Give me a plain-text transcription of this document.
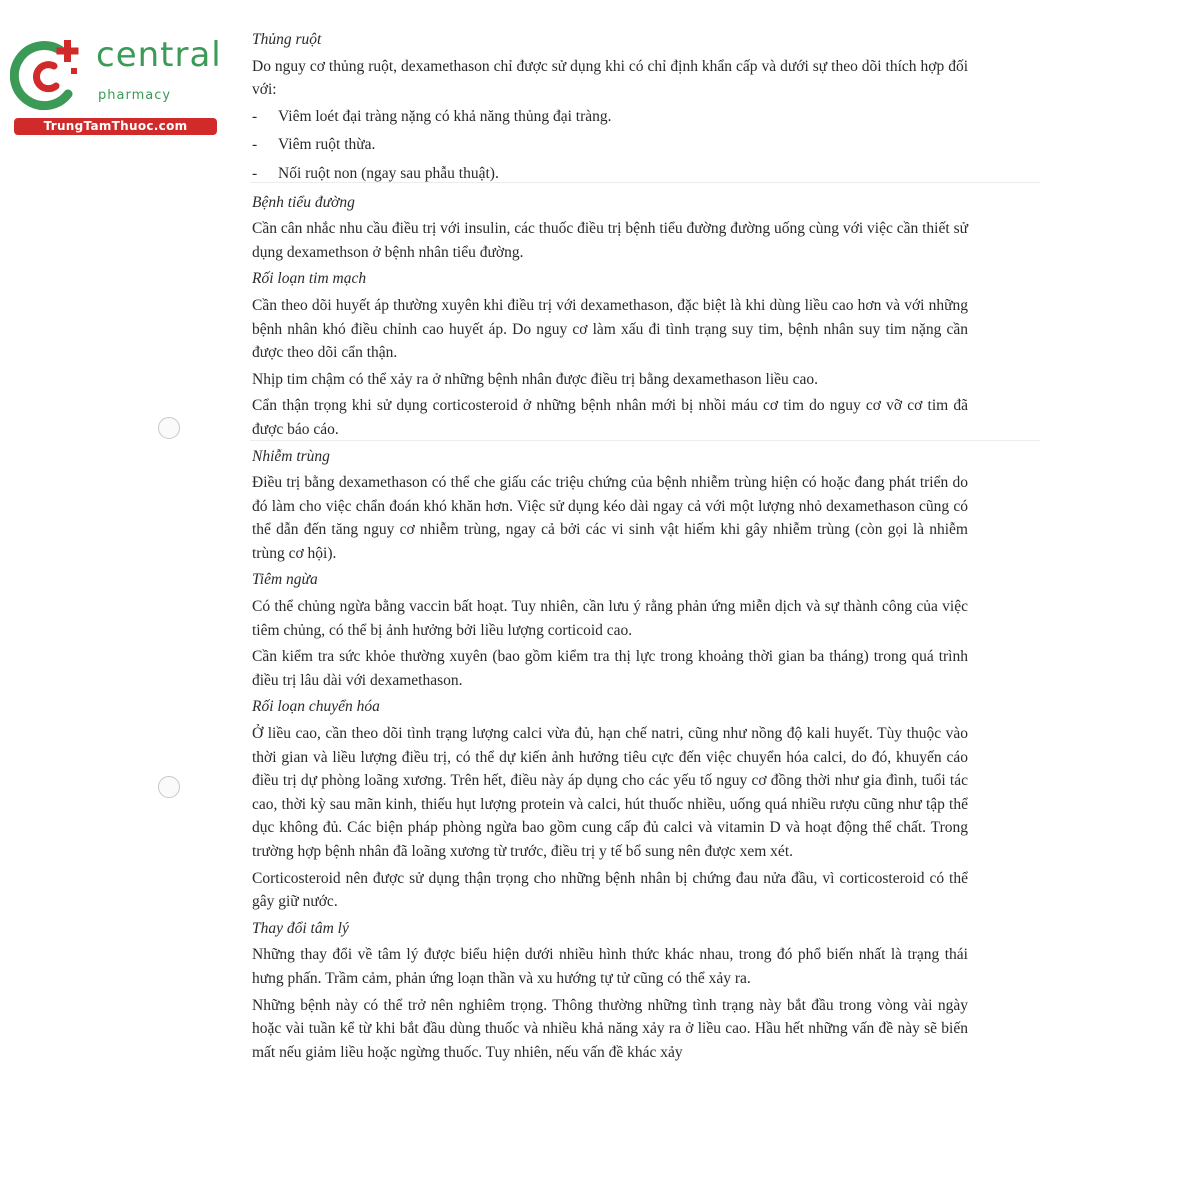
central
pharmacy
TrungTamThuoc.com
Thủng ruột

Do nguy cơ thủng ruột, dexamethason chỉ được sử dụng khi có chỉ định khẩn cấp và dưới sự theo dõi thích hợp đối với:

- Viêm loét đại tràng nặng có khả năng thủng đại tràng.
- Viêm ruột thừa.
- Nối ruột non (ngay sau phẫu thuật).
Bệnh tiểu đường

Cần cân nhắc nhu cầu điều trị với insulin, các thuốc điều trị bệnh tiểu đường đường uống cùng với việc cần thiết sử dụng dexamethson ở bệnh nhân tiểu đường.

Rối loạn tim mạch

Cần theo dõi huyết áp thường xuyên khi điều trị với dexamethason, đặc biệt là khi dùng liều cao hơn và với những bệnh nhân khó điều chỉnh cao huyết áp. Do nguy cơ làm xấu đi tình trạng suy tim, bệnh nhân suy tim nặng cần được theo dõi cẩn thận.

Nhịp tim chậm có thể xảy ra ở những bệnh nhân được điều trị bằng dexamethason liều cao.

Cẩn thận trọng khi sử dụng corticosteroid ở những bệnh nhân mới bị nhồi máu cơ tim do nguy cơ vỡ cơ tim đã được báo cáo.

Nhiễm trùng

Điều trị bằng dexamethason có thể che giấu các triệu chứng của bệnh nhiễm trùng hiện có hoặc đang phát triển do đó làm cho việc chẩn đoán khó khăn hơn. Việc sử dụng kéo dài ngay cả với một lượng nhỏ dexamethason cũng có thể dẫn đến tăng nguy cơ nhiễm trùng, ngay cả bởi các vi sinh vật hiếm khi gây nhiễm trùng (còn gọi là nhiễm trùng cơ hội).

Tiêm ngừa

Có thể chủng ngừa bằng vaccin bất hoạt. Tuy nhiên, cần lưu ý rằng phản ứng miễn dịch và sự thành công của việc tiêm chủng, có thể bị ảnh hưởng bởi liều lượng corticoid cao.

Cần kiểm tra sức khỏe thường xuyên (bao gồm kiểm tra thị lực trong khoảng thời gian ba tháng) trong quá trình điều trị lâu dài với dexamethason.

Rối loạn chuyển hóa

Ở liều cao, cần theo dõi tình trạng lượng calci vừa đủ, hạn chế natri, cũng như nồng độ kali huyết. Tùy thuộc vào thời gian và liều lượng điều trị, có thể dự kiến ảnh hưởng tiêu cực đến việc chuyển hóa calci, do đó, khuyến cáo điều trị dự phòng loãng xương. Trên hết, điều này áp dụng cho các yếu tố nguy cơ đồng thời như gia đình, tuổi tác cao, thời kỳ sau mãn kinh, thiếu hụt lượng protein và calci, hút thuốc nhiều, uống quá nhiều rượu cũng như tập thể dục không đủ. Các biện pháp phòng ngừa bao gồm cung cấp đủ calci và vitamin D và hoạt động thể chất. Trong trường hợp bệnh nhân đã loãng xương từ trước, điều trị y tế bổ sung nên được xem xét.

Corticosteroid nên được sử dụng thận trọng cho những bệnh nhân bị chứng đau nửa đầu, vì corticosteroid có thể gây giữ nước.

Thay đổi tâm lý

Những thay đổi về tâm lý được biểu hiện dưới nhiều hình thức khác nhau, trong đó phổ biến nhất là trạng thái hưng phấn. Trầm cảm, phản ứng loạn thần và xu hướng tự tử cũng có thể xảy ra.

Những bệnh này có thể trở nên nghiêm trọng. Thông thường những tình trạng này bắt đầu trong vòng vài ngày hoặc vài tuần kể từ khi bắt đầu dùng thuốc và nhiều khả năng xảy ra ở liều cao. Hầu hết những vấn đề này sẽ biến mất nếu giảm liều hoặc ngừng thuốc. Tuy nhiên, nếu vấn đề khác xảy
